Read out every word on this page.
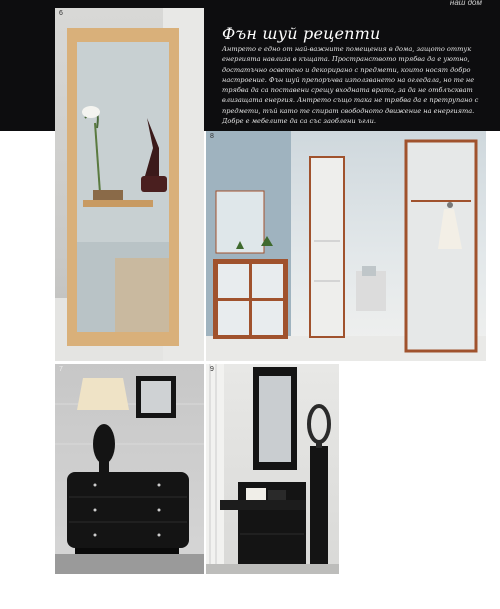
наш дом
Фън шуй рецепти
Антрето е едно от най-важните помещения в дома, защото оттук енергията навлиза в къщата. Пространството трябва да е уютно, достатъчно осветено и декорирано с предмети, които носят добро настроение. Фън шуй препоръчва използването на огледала, но те не трябва да са поставени срещу входната врата, за да не отблъскват влизащата енергия. Антрето също така не трябва да е претрупано с предмети, тъй като те спират свободното движение на енергията. Добре е мебелите да са със заоблени ъгли.
6
8
7	9
